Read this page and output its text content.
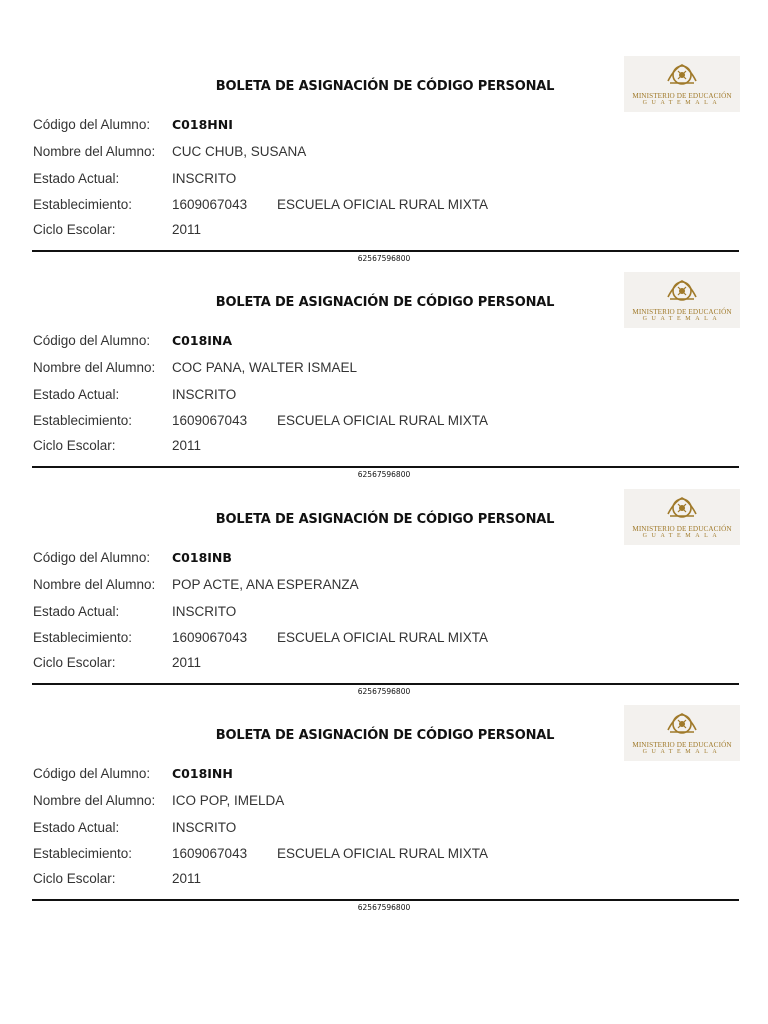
BOLETA DE ASIGNACIÓN DE CÓDIGO PERSONAL
MINISTERIO DE EDUCACIÓN
GUATEMALA
Código del Alumno: C018HNI
Nombre del Alumno: CUC CHUB, SUSANA
Estado Actual:	INSCRITO
Establecimiento:	1609067043 ESCUELA OFICIAL RURAL MIXTA
Ciclo Escolar:	2011
62567596800
BOLETA DE ASIGNACIÓN DE CÓDIGO PERSONAL
MINISTERIO DE EDUCACIÓN
GUATEMALA
Código del Alumno: C018INA
Nombre del Alumno: COC PANA, WALTER ISMAEL
Estado Actual:	INSCRITO
Establecimiento:	1609067043 ESCUELA OFICIAL RURAL MIXTA
Ciclo Escolar:	2011
62567596800
BOLETA DE ASIGNACIÓN DE CÓDIGO PERSONAL
MINISTERIO DE EDUCACIÓN
GUATEMALA
Código del Alumno: C018INB
Nombre del Alumno: POP ACTE, ANA ESPERANZA
Estado Actual:	INSCRITO
Establecimiento:	1609067043 ESCUELA OFICIAL RURAL MIXTA
Ciclo Escolar:	2011
62567596800
BOLETA DE ASIGNACIÓN DE CÓDIGO PERSONAL
MINISTERIO DE EDUCACIÓN
GUATEMALA
Código del Alumno: C018INH
Nombre del Alumno: ICO POP, IMELDA
Estado Actual:	INSCRITO
Establecimiento:	1609067043 ESCUELA OFICIAL RURAL MIXTA
Ciclo Escolar:	2011
62567596800
